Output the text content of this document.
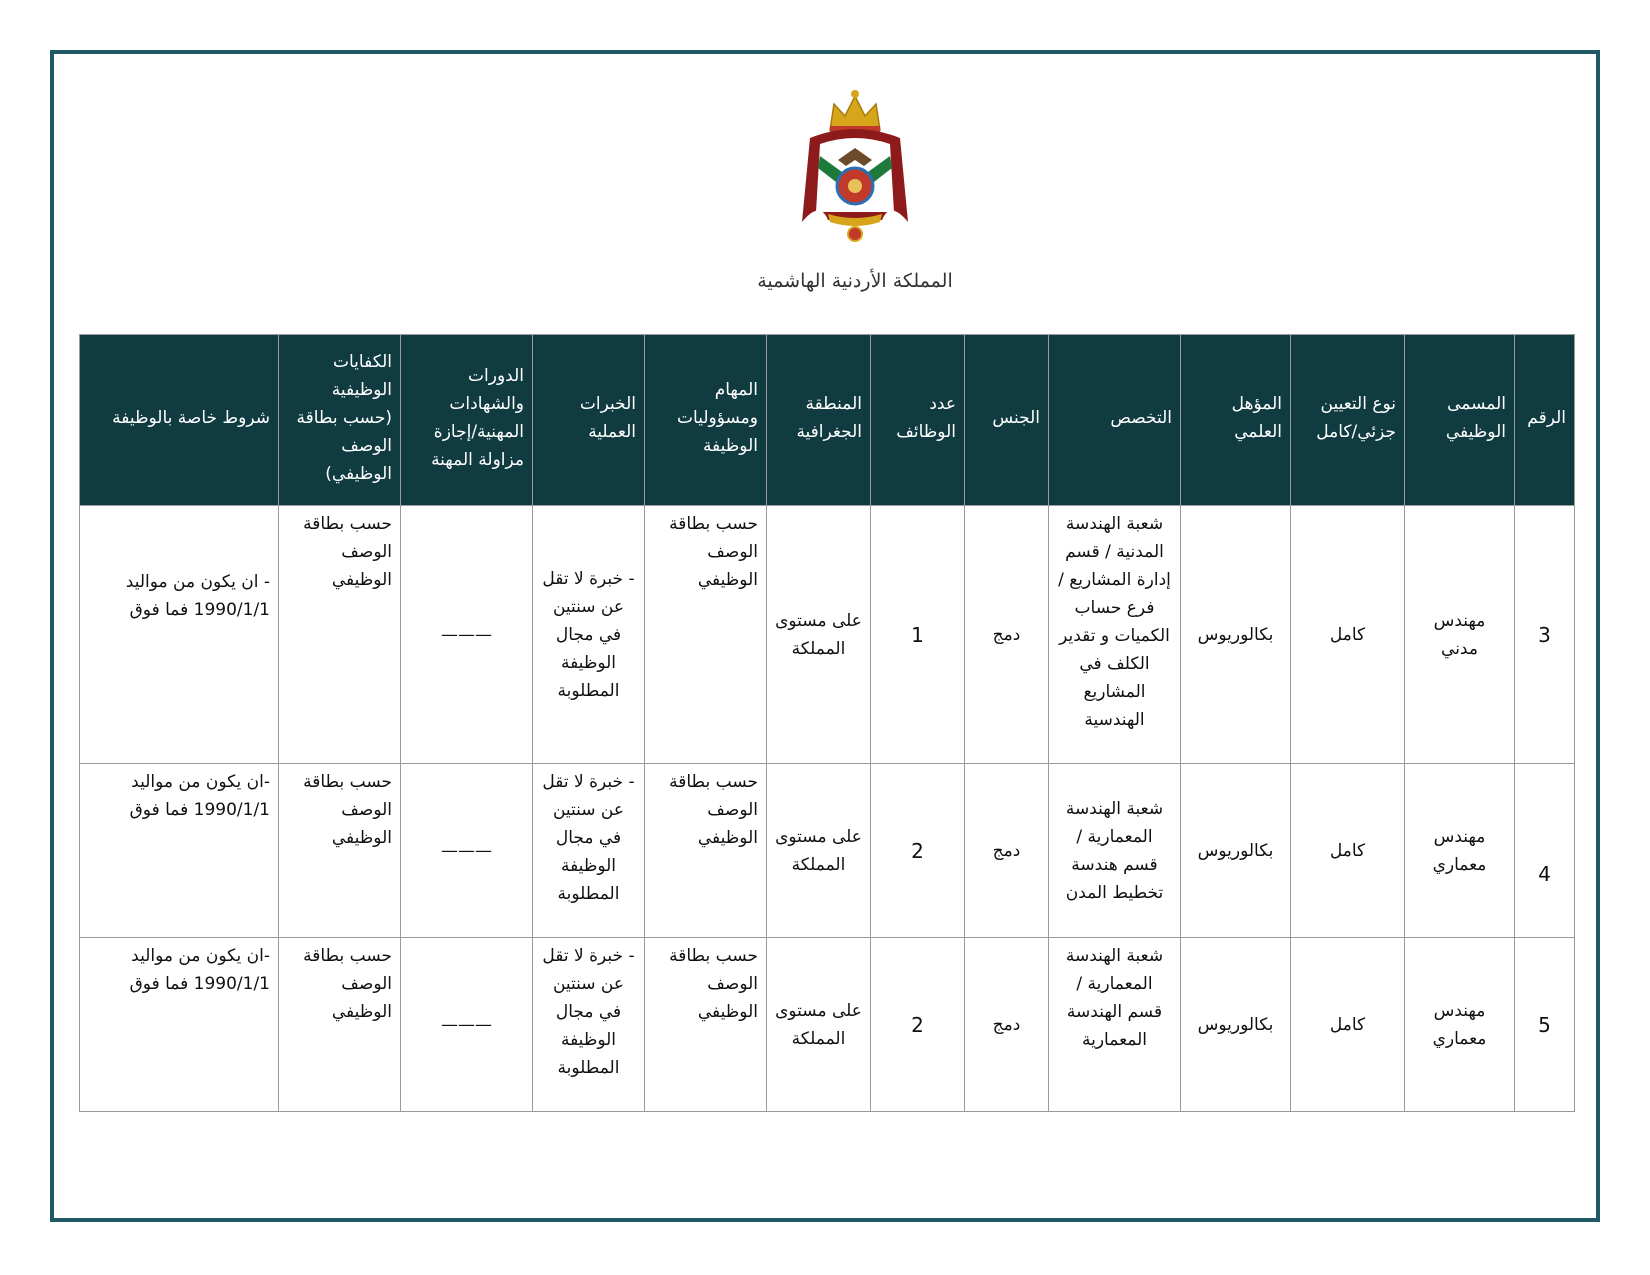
المملكة الأردنية الهاشمية
الرقم	المسمى الوظيفي	نوع التعيين جزئي/كامل	المؤهل العلمي	التخصص	الجنس	عدد الوظائف	المنطقة الجغرافية	المهام ومسؤوليات الوظيفة	الخبرات العملية	الدورات والشهادات المهنية/إجازة مزاولة المهنة	الكفايات الوظيفية (حسب بطاقة الوصف الوظيفي)	شروط خاصة بالوظيفة
3	مهندس مدني	كامل	بكالوريوس	شعبة الهندسة المدنية / قسم إدارة المشاريع / فرع حساب الكميات و تقدير الكلف في المشاريع الهندسية	دمج	1	على مستوى المملكة	حسب بطاقة الوصف الوظيفي	- خبرة لا تقل عن سنتين في مجال الوظيفة المطلوبة	———	حسب بطاقة الوصف الوظيفي	- ان يكون من مواليد 1990/1/1 فما فوق
4	مهندس معماري	كامل	بكالوريوس	شعبة الهندسة المعمارية / قسم هندسة تخطيط المدن	دمج	2	على مستوى المملكة	حسب بطاقة الوصف الوظيفي	- خبرة لا تقل عن سنتين في مجال الوظيفة المطلوبة	———	حسب بطاقة الوصف الوظيفي	-ان يكون من مواليد 1990/1/1 فما فوق
5	مهندس معماري	كامل	بكالوريوس	شعبة الهندسة المعمارية / قسم الهندسة المعمارية	دمج	2	على مستوى المملكة	حسب بطاقة الوصف الوظيفي	- خبرة لا تقل عن سنتين في مجال الوظيفة المطلوبة	———	حسب بطاقة الوصف الوظيفي	-ان يكون من مواليد 1990/1/1 فما فوق
